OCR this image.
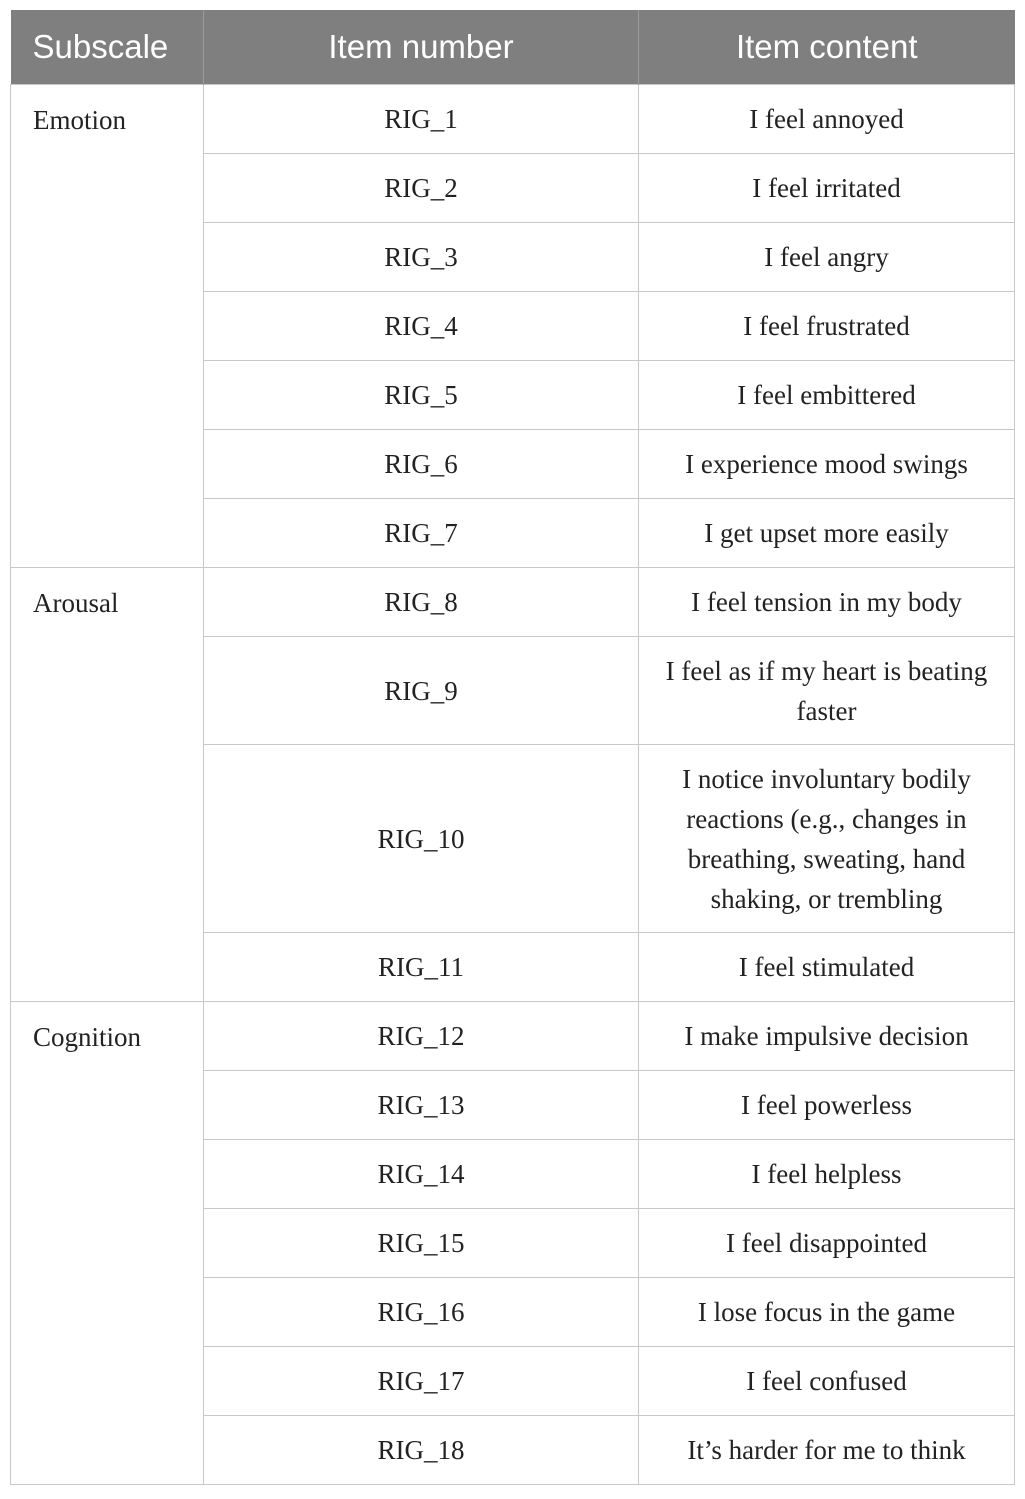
Subscale	Item number	Item content
Emotion	RIG_1	I feel annoyed
	RIG_2	I feel irritated
	RIG_3	I feel angry
	RIG_4	I feel frustrated
	RIG_5	I feel embittered
	RIG_6	I experience mood swings
	RIG_7	I get upset more easily
Arousal	RIG_8	I feel tension in my body
	RIG_9	I feel as if my heart is beating faster
	RIG_10	I notice involuntary bodily reactions (e.g., changes in breathing, sweating, hand shaking, or trembling
	RIG_11	I feel stimulated
Cognition	RIG_12	I make impulsive decision
	RIG_13	I feel powerless
	RIG_14	I feel helpless
	RIG_15	I feel disappointed
	RIG_16	I lose focus in the game
	RIG_17	I feel confused
	RIG_18	It’s harder for me to think
